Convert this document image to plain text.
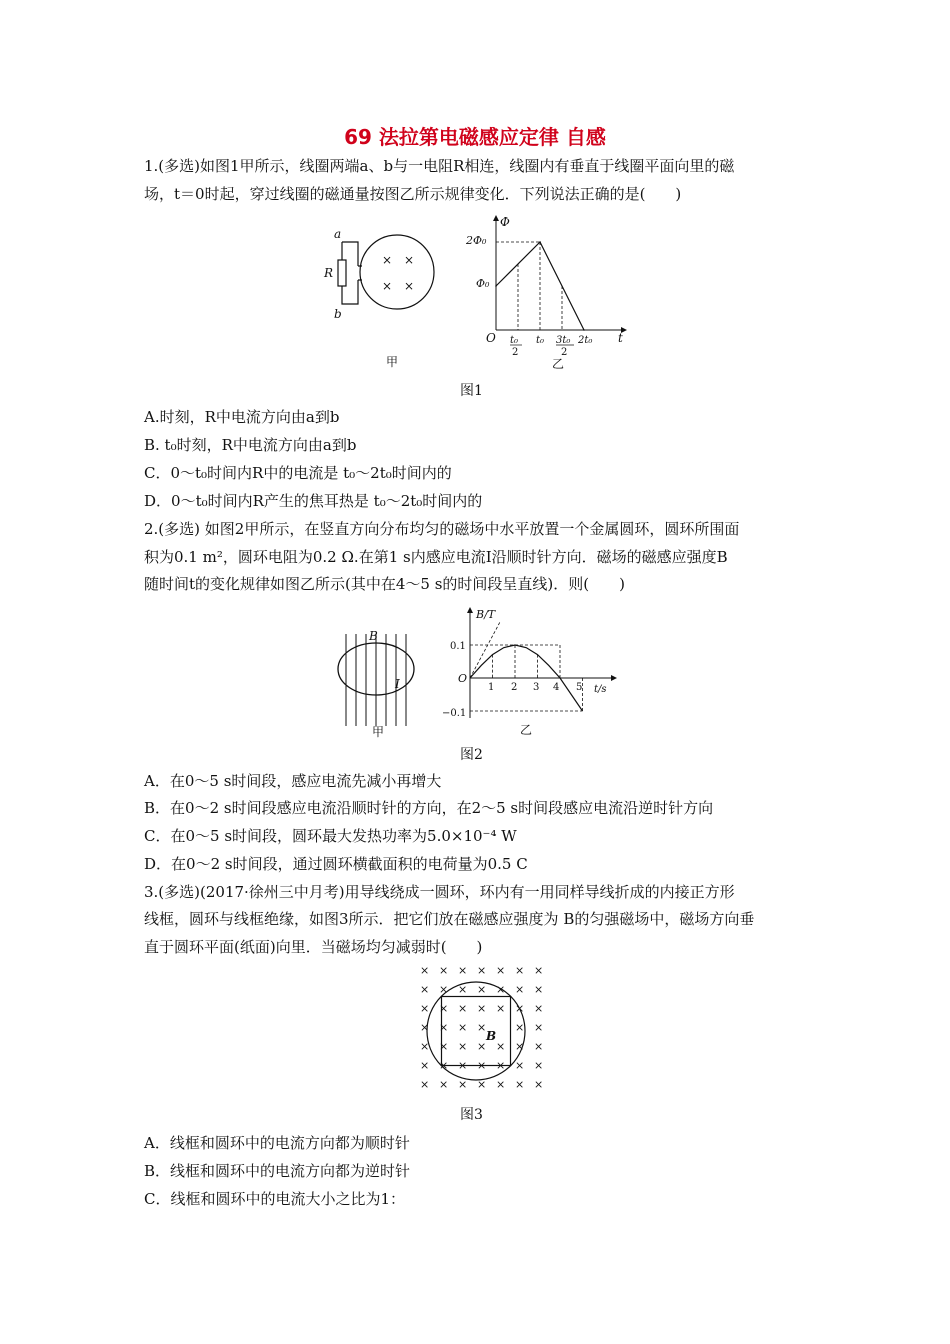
69 法拉第电磁感应定律 自感
1.(多选)如图1甲所示，线圈两端a、b与一电阻R相连，线圈内有垂直于线圈平面向里的磁
场，t＝0时起，穿过线圈的磁通量按图乙所示规律变化．下列说法正确的是(　　)
a
b
R
× ×
× ×
甲
Φ
t
O
2Φ₀
Φ₀
t₀
2
t₀ 3t₀
2
2t₀
乙
图1
A.时刻，R中电流方向由a到b
B. t₀时刻，R中电流方向由a到b
C．0～t₀时间内R中的电流是 t₀～2t₀时间内的
D．0～t₀时间内R产生的焦耳热是 t₀～2t₀时间内的
2.(多选) 如图2甲所示，在竖直方向分布均匀的磁场中水平放置一个金属圆环，圆环所围面
积为0.1 m²，圆环电阻为0.2 Ω.在第1 s内感应电流I沿顺时针方向．磁场的磁感应强度B
随时间t的变化规律如图乙所示(其中在4～5 s的时间段呈直线)．则(　　)
B
I
甲
B/T
t/s
O
0.1
−0.1
1 2 3 4 5
乙
图2
A．在0～5 s时间段，感应电流先减小再增大
B．在0～2 s时间段感应电流沿顺时针的方向，在2～5 s时间段感应电流沿逆时针方向
C．在0～5 s时间段，圆环最大发热功率为5.0×10⁻⁴ W
D．在0～2 s时间段，通过圆环横截面积的电荷量为0.5 C
3.(多选)(2017·徐州三中月考)用导线绕成一圆环，环内有一用同样导线折成的内接正方形
线框，圆环与线框绝缘，如图3所示．把它们放在磁感应强度为 B的匀强磁场中，磁场方向垂
直于圆环平面(纸面)向里．当磁场均匀减弱时(　　)
× × × × × × ×
× × × × × × ×
× × × × × × ×
× × × ×	× ×
× × × × × × ×
× × × × × × ×
× × × × × × ×
B
图3
A．线框和圆环中的电流方向都为顺时针
B．线框和圆环中的电流方向都为逆时针
C．线框和圆环中的电流大小之比为1：
